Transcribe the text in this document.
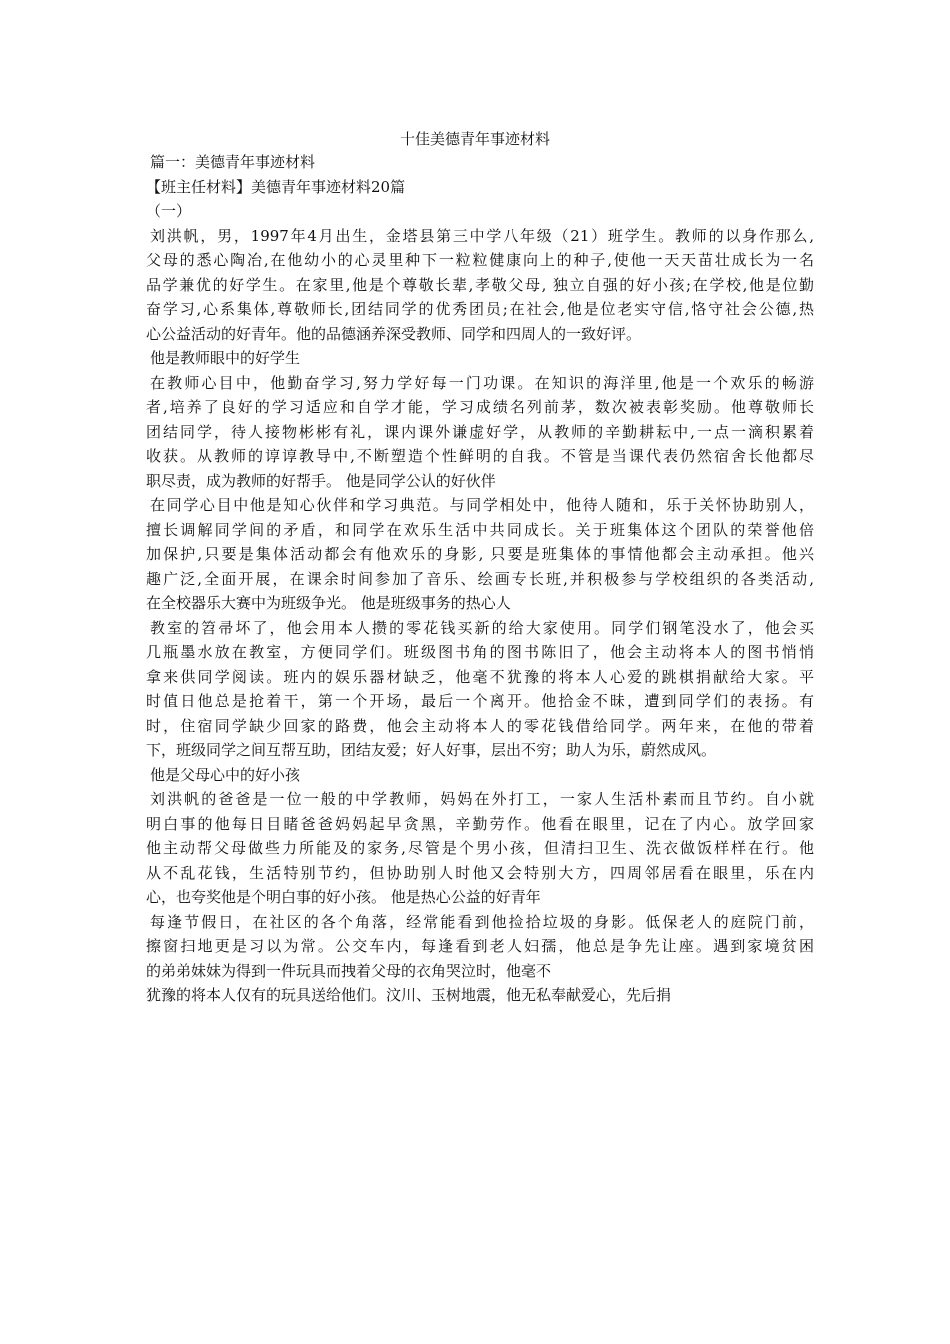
十佳美德青年事迹材料
篇一：美德青年事迹材料
【班主任材料】美德青年事迹材料20篇
（一）
刘洪帆，男，1997年4月出生，金塔县第三中学八年级（21）班学生。教师的以身作那么,
父母的悉心陶冶,在他幼小的心灵里种下一粒粒健康向上的种子,使他一天天苗壮成长为一名
品学兼优的好学生。在家里,他是个尊敬长辈,孝敬父母, 独立自强的好小孩;在学校,他是位勤
奋学习,心系集体,尊敬师长,团结同学的优秀团员;在社会,他是位老实守信,恪守社会公德,热
心公益活动的好青年。他的品德涵养深受教师、同学和四周人的一致好评。
他是教师眼中的好学生
在教师心目中，他勤奋学习,努力学好每一门功课。在知识的海洋里,他是一个欢乐的畅游
者,培养了良好的学习适应和自学才能，学习成绩名列前茅，数次被表彰奖励。他尊敬师长
团结同学，待人接物彬彬有礼，课内课外谦虚好学，从教师的辛勤耕耘中,一点一滴积累着
收获。从教师的谆谆教导中,不断塑造个性鲜明的自我。不管是当课代表仍然宿舍长他都尽
职尽责，成为教师的好帮手。 他是同学公认的好伙伴
在同学心目中他是知心伙伴和学习典范。与同学相处中，他待人随和，乐于关怀协助别人，
擅长调解同学间的矛盾，和同学在欢乐生活中共同成长。关于班集体这个团队的荣誉他倍
加保护,只要是集体活动都会有他欢乐的身影, 只要是班集体的事情他都会主动承担。他兴
趣广泛,全面开展，在课余时间参加了音乐、绘画专长班,并积极参与学校组织的各类活动,
在全校器乐大赛中为班级争光。 他是班级事务的热心人
教室的笤帚坏了，他会用本人攒的零花钱买新的给大家使用。同学们钢笔没水了，他会买
几瓶墨水放在教室，方便同学们。班级图书角的图书陈旧了，他会主动将本人的图书悄悄
拿来供同学阅读。班内的娱乐器材缺乏，他毫不犹豫的将本人心爱的跳棋捐献给大家。平
时值日他总是抢着干，第一个开场，最后一个离开。他拾金不昧，遭到同学们的表扬。有
时，住宿同学缺少回家的路费，他会主动将本人的零花钱借给同学。两年来，在他的带着
下，班级同学之间互帮互助，团结友爱；好人好事，层出不穷；助人为乐，蔚然成风。
他是父母心中的好小孩
刘洪帆的爸爸是一位一般的中学教师，妈妈在外打工，一家人生活朴素而且节约。自小就
明白事的他每日目睹爸爸妈妈起早贪黑，辛勤劳作。他看在眼里，记在了内心。放学回家
他主动帮父母做些力所能及的家务,尽管是个男小孩，但清扫卫生、洗衣做饭样样在行。他
从不乱花钱，生活特别节约，但协助别人时他又会特别大方，四周邻居看在眼里，乐在内
心，也夸奖他是个明白事的好小孩。 他是热心公益的好青年
每逢节假日，在社区的各个角落，经常能看到他捡拾垃圾的身影。低保老人的庭院门前，
擦窗扫地更是习以为常。公交车内，每逢看到老人妇孺，他总是争先让座。遇到家境贫困
的弟弟妹妹为得到一件玩具而拽着父母的衣角哭泣时，他毫不
犹豫的将本人仅有的玩具送给他们。汶川、玉树地震，他无私奉献爱心，先后捐
